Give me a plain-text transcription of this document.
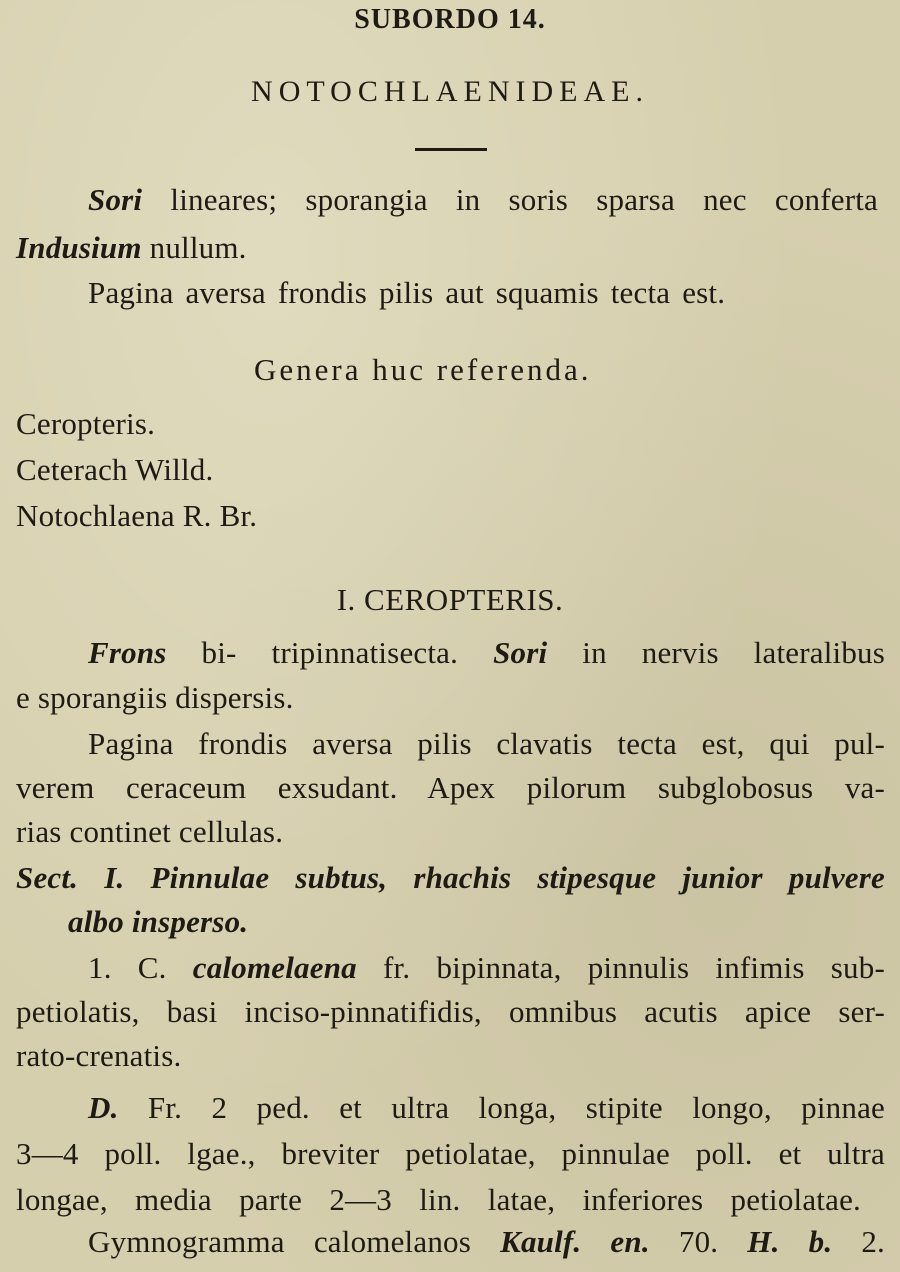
SUBORDO 14.
NOTOCHLAENIDEAE.
Sori lineares; sporangia in soris sparsa nec conferta
Indusium nullum.
Pagina aversa frondis pilis aut squamis tecta est.
Genera huc referenda.
Ceropteris.
Ceterach Willd.
Notochlaena R. Br.
I. CEROPTERIS.
Frons bi- tripinnatisecta. Sori in nervis lateralibus
e sporangiis dispersis.
Pagina frondis aversa pilis clavatis tecta est, qui pul-
verem ceraceum exsudant. Apex pilorum subglobosus va-
rias continet cellulas.
Sect. I. Pinnulae subtus, rhachis stipesque junior pulvere
albo insperso.
1. C. calomelaena fr. bipinnata, pinnulis infimis sub-
petiolatis, basi inciso-pinnatifidis, omnibus acutis apice ser-
rato-crenatis.
D. Fr. 2 ped. et ultra longa, stipite longo, pinnae
3—4 poll. lgae., breviter petiolatae, pinnulae poll. et ultra
longae, media parte 2—3 lin. latae, inferiores petiolatae.
Gymnogramma calomelanos Kaulf. en. 70. H. b. 2.
